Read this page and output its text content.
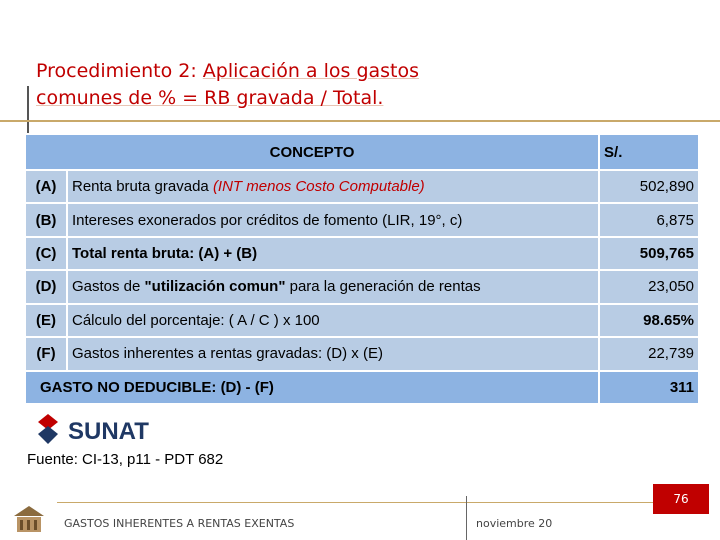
Procedimiento 2: Aplicación a los gastos
comunes de % = RB gravada / Total.
CONCEPTO		S/.
(A)	Renta bruta gravada (INT menos Costo Computable)	502,890
(B)	Intereses exonerados por créditos de fomento (LIR, 19°, c)	6,875
(C)	Total renta bruta: (A) + (B)	509,765
(D)	Gastos de "utilización comun" para la generación de rentas	23,050
(E)	Cálculo del porcentaje: ( A / C ) x 100	98.65%
(F)	Gastos inherentes a rentas gravadas: (D) x (E)	22,739
GASTO NO DEDUCIBLE: (D) - (F)		311
SUNAT
Fuente: CI-13, p11 - PDT 682
76
GASTOS INHERENTES A RENTAS EXENTAS	noviembre 20
